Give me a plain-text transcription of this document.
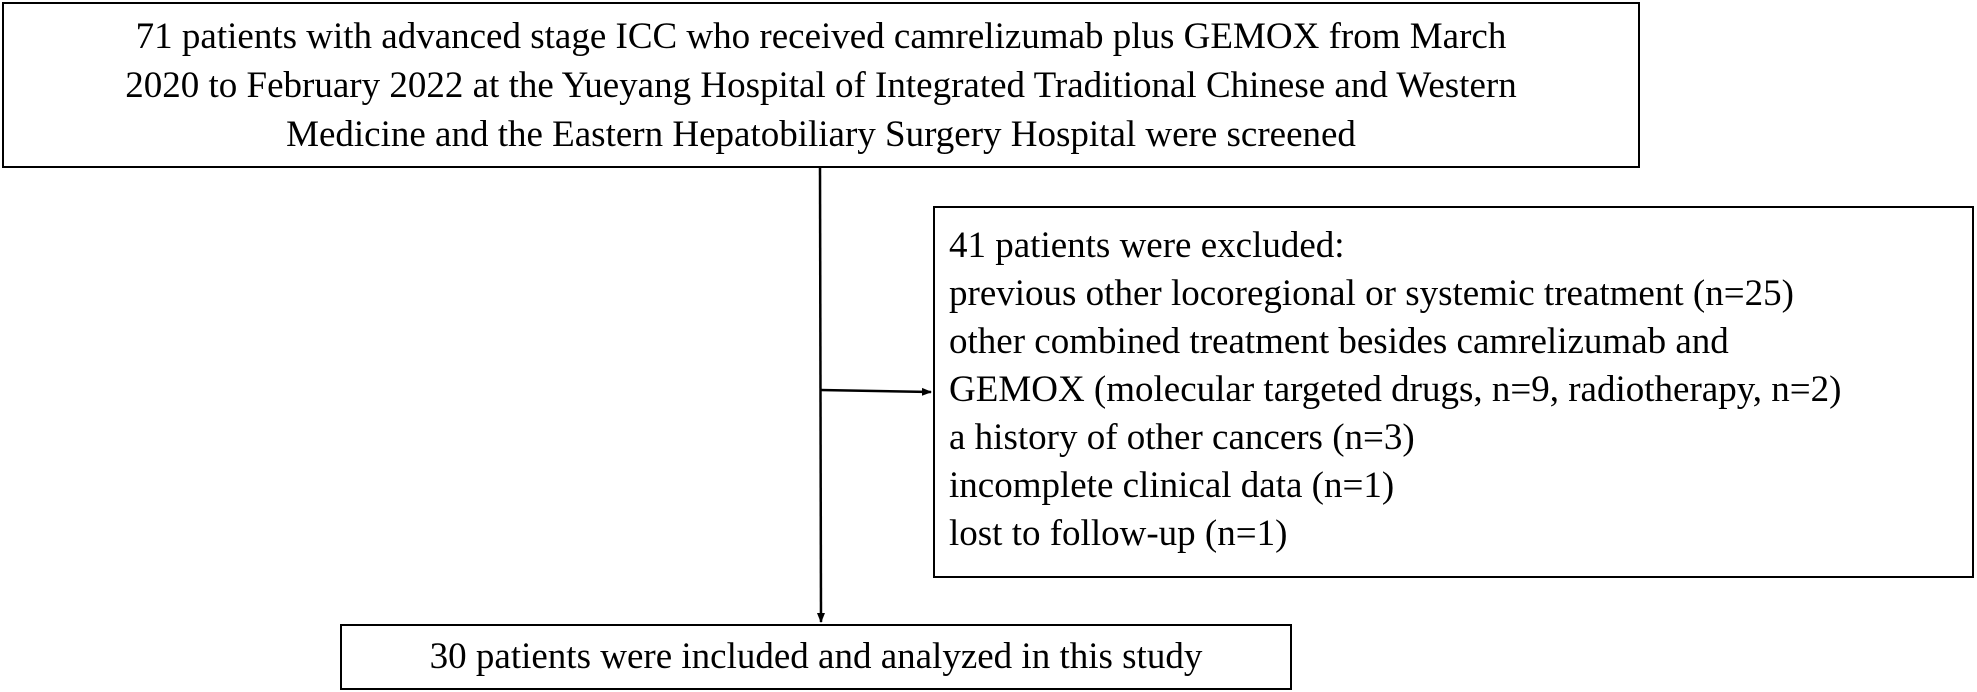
71 patients with advanced stage ICC who received camrelizumab plus GEMOX from March
2020 to February 2022 at the Yueyang Hospital of Integrated Traditional Chinese and Western
Medicine and the Eastern Hepatobiliary Surgery Hospital were screened
41 patients were excluded:
previous other locoregional or systemic treatment (n=25)
other combined treatment besides camrelizumab and
GEMOX (molecular targeted drugs, n=9, radiotherapy, n=2)
a history of other cancers (n=3)
incomplete clinical data (n=1)
lost to follow-up (n=1)
30 patients were included and analyzed in this study
